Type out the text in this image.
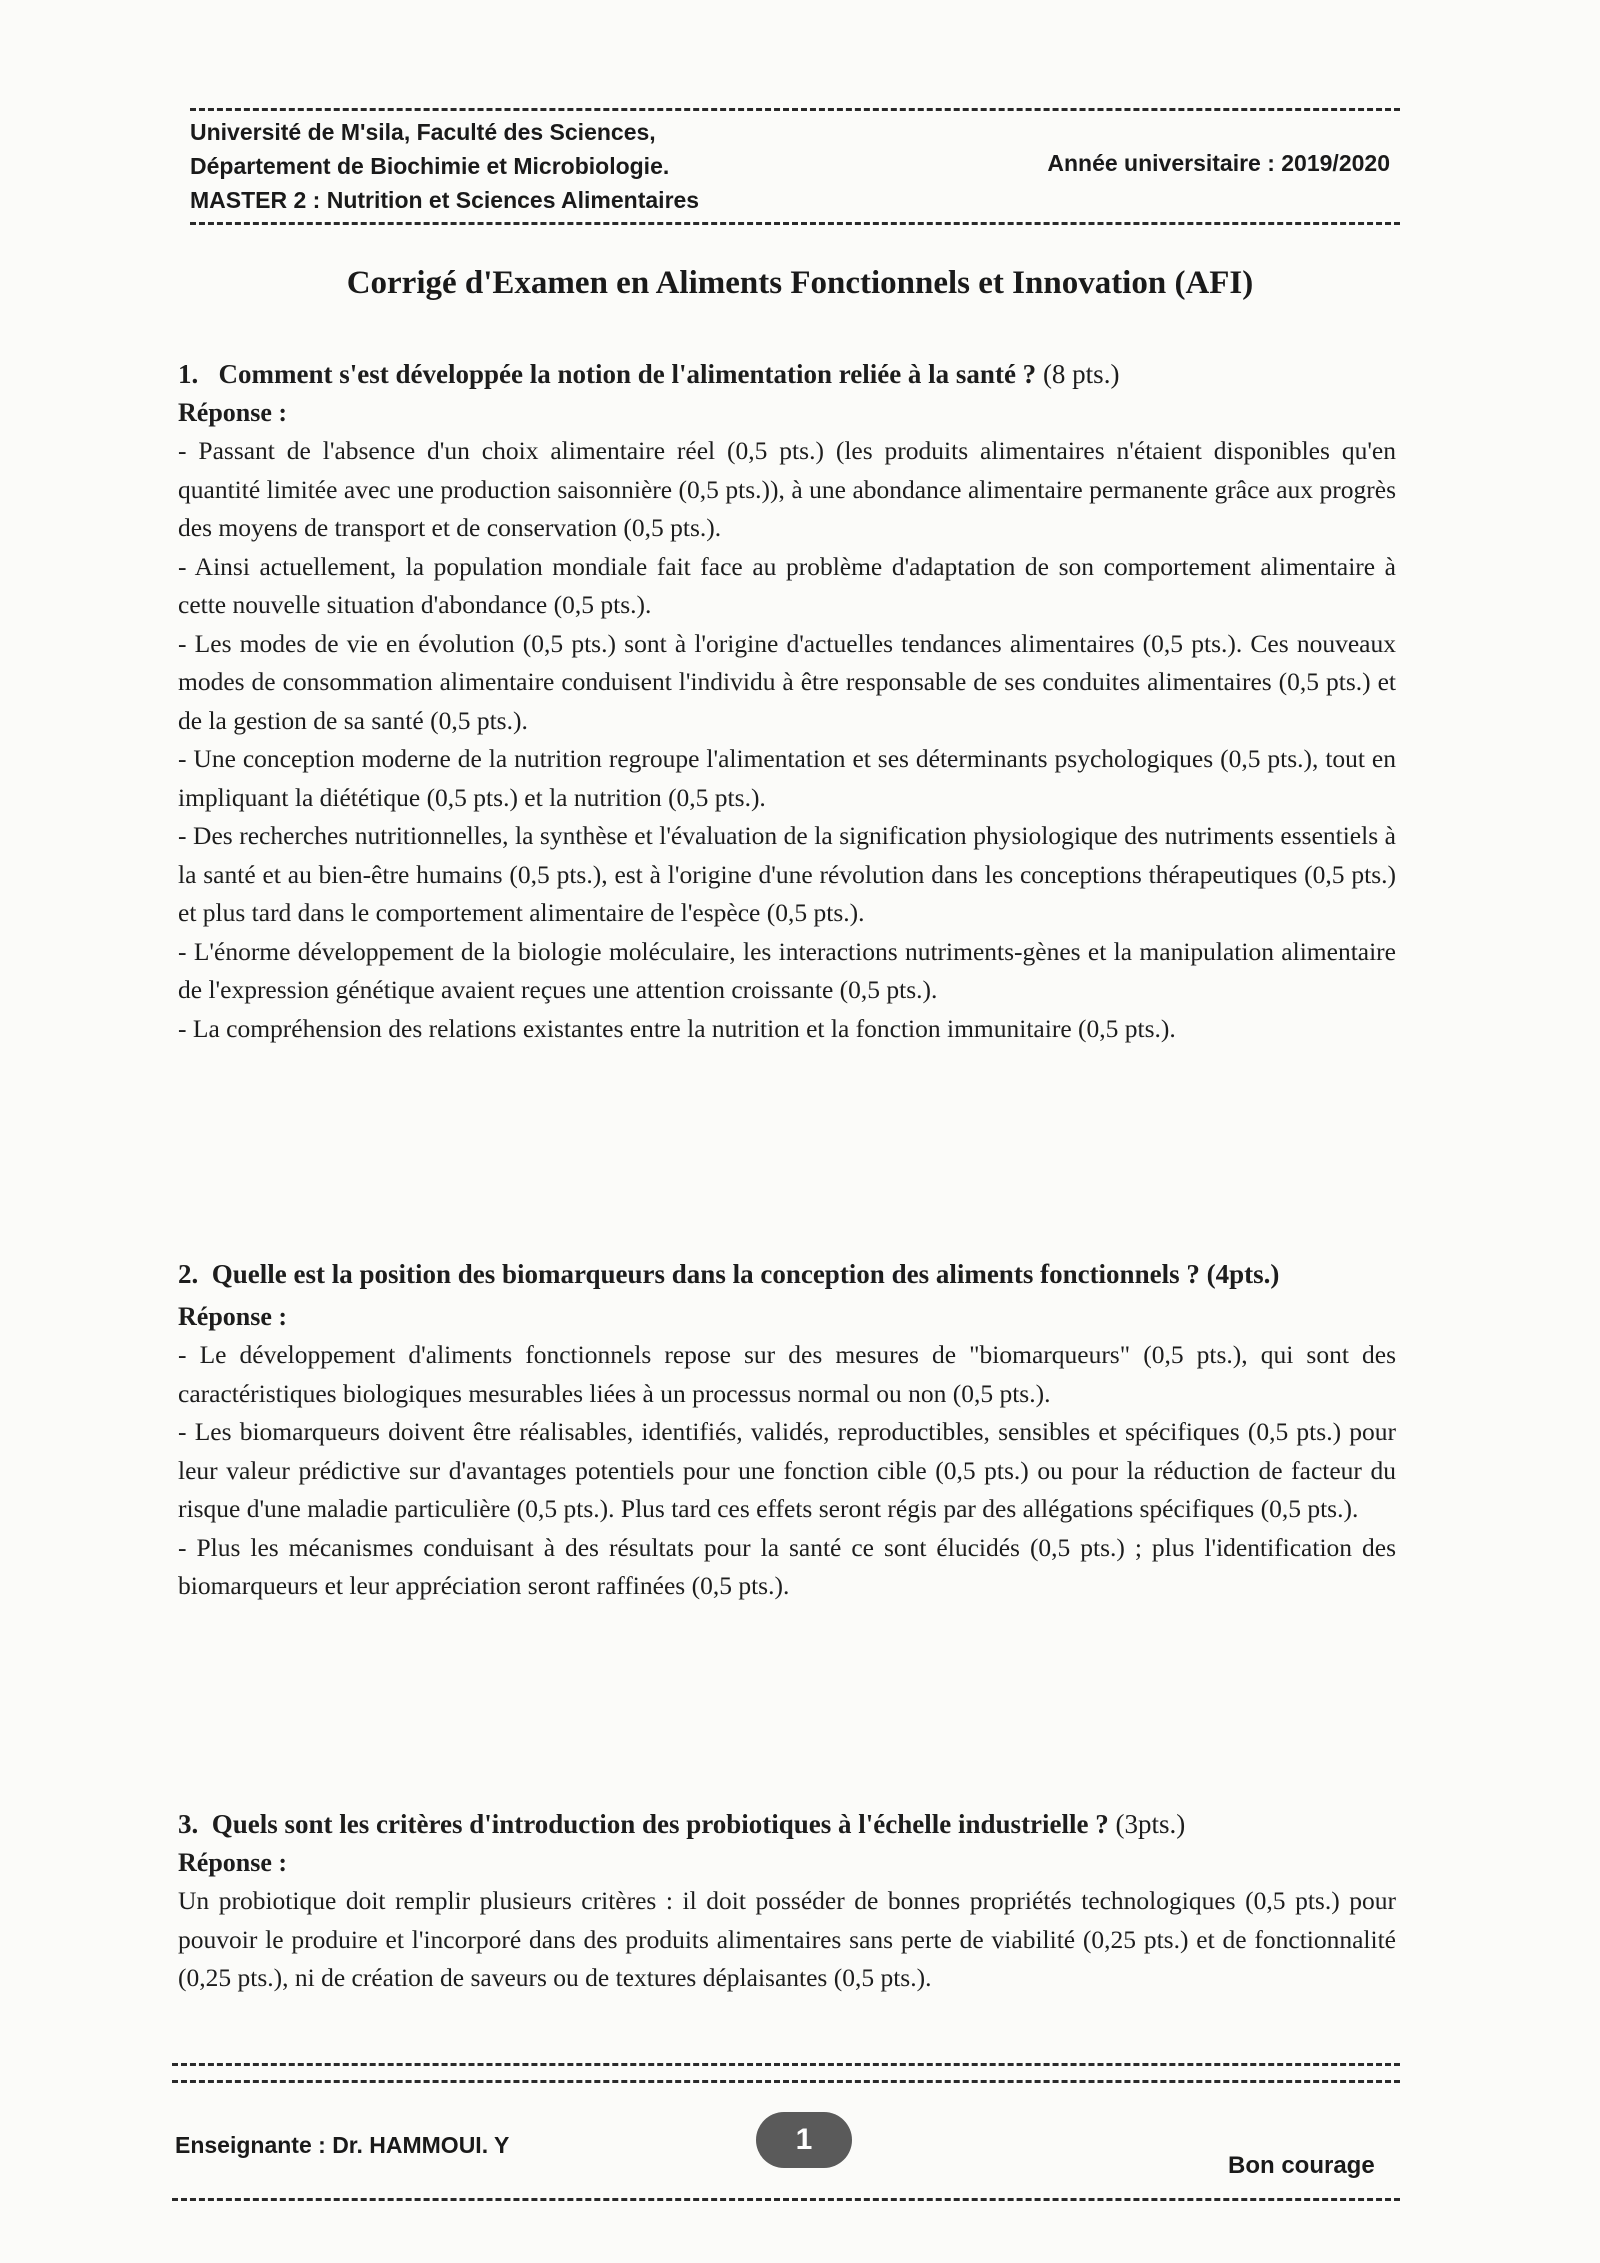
Université de M'sila, Faculté des Sciences,
Département de Biochimie et Microbiologie.
MASTER 2 : Nutrition et Sciences Alimentaires
Année universitaire : 2019/2020
Corrigé d'Examen en Aliments Fonctionnels et Innovation (AFI)

1. Comment s'est développée la notion de l'alimentation reliée à la santé ? (8 pts.)

Réponse :

- Passant de l'absence d'un choix alimentaire réel (0,5 pts.) (les produits alimentaires n'étaient disponibles qu'en quantité limitée avec une production saisonnière (0,5 pts.)), à une abondance alimentaire permanente grâce aux progrès des moyens de transport et de conservation (0,5 pts.).

- Ainsi actuellement, la population mondiale fait face au problème d'adaptation de son comportement alimentaire à cette nouvelle situation d'abondance (0,5 pts.).

- Les modes de vie en évolution (0,5 pts.) sont à l'origine d'actuelles tendances alimentaires (0,5 pts.). Ces nouveaux modes de consommation alimentaire conduisent l'individu à être responsable de ses conduites alimentaires (0,5 pts.) et de la gestion de sa santé (0,5 pts.).

- Une conception moderne de la nutrition regroupe l'alimentation et ses déterminants psychologiques (0,5 pts.), tout en impliquant la diététique (0,5 pts.) et la nutrition (0,5 pts.).

- Des recherches nutritionnelles, la synthèse et l'évaluation de la signification physiologique des nutriments essentiels à la santé et au bien-être humains (0,5 pts.), est à l'origine d'une révolution dans les conceptions thérapeutiques (0,5 pts.) et plus tard dans le comportement alimentaire de l'espèce (0,5 pts.).

- L'énorme développement de la biologie moléculaire, les interactions nutriments-gènes et la manipulation alimentaire de l'expression génétique avaient reçues une attention croissante (0,5 pts.).

- La compréhension des relations existantes entre la nutrition et la fonction immunitaire (0,5 pts.).

2. Quelle est la position des biomarqueurs dans la conception des aliments fonctionnels ? (4pts.)

Réponse :

- Le développement d'aliments fonctionnels repose sur des mesures de "biomarqueurs" (0,5 pts.), qui sont des caractéristiques biologiques mesurables liées à un processus normal ou non (0,5 pts.).

- Les biomarqueurs doivent être réalisables, identifiés, validés, reproductibles, sensibles et spécifiques (0,5 pts.) pour leur valeur prédictive sur d'avantages potentiels pour une fonction cible (0,5 pts.) ou pour la réduction de facteur du risque d'une maladie particulière (0,5 pts.). Plus tard ces effets seront régis par des allégations spécifiques (0,5 pts.).

- Plus les mécanismes conduisant à des résultats pour la santé ce sont élucidés (0,5 pts.) ; plus l'identification des biomarqueurs et leur appréciation seront raffinées (0,5 pts.).

3. Quels sont les critères d'introduction des probiotiques à l'échelle industrielle ? (3pts.)

Réponse :

Un probiotique doit remplir plusieurs critères : il doit posséder de bonnes propriétés technologiques (0,5 pts.) pour pouvoir le produire et l'incorporé dans des produits alimentaires sans perte de viabilité (0,25 pts.) et de fonctionnalité (0,25 pts.), ni de création de saveurs ou de textures déplaisantes (0,5 pts.).

Enseignante : Dr. HAMMOUI. Y	1
Bon courage
